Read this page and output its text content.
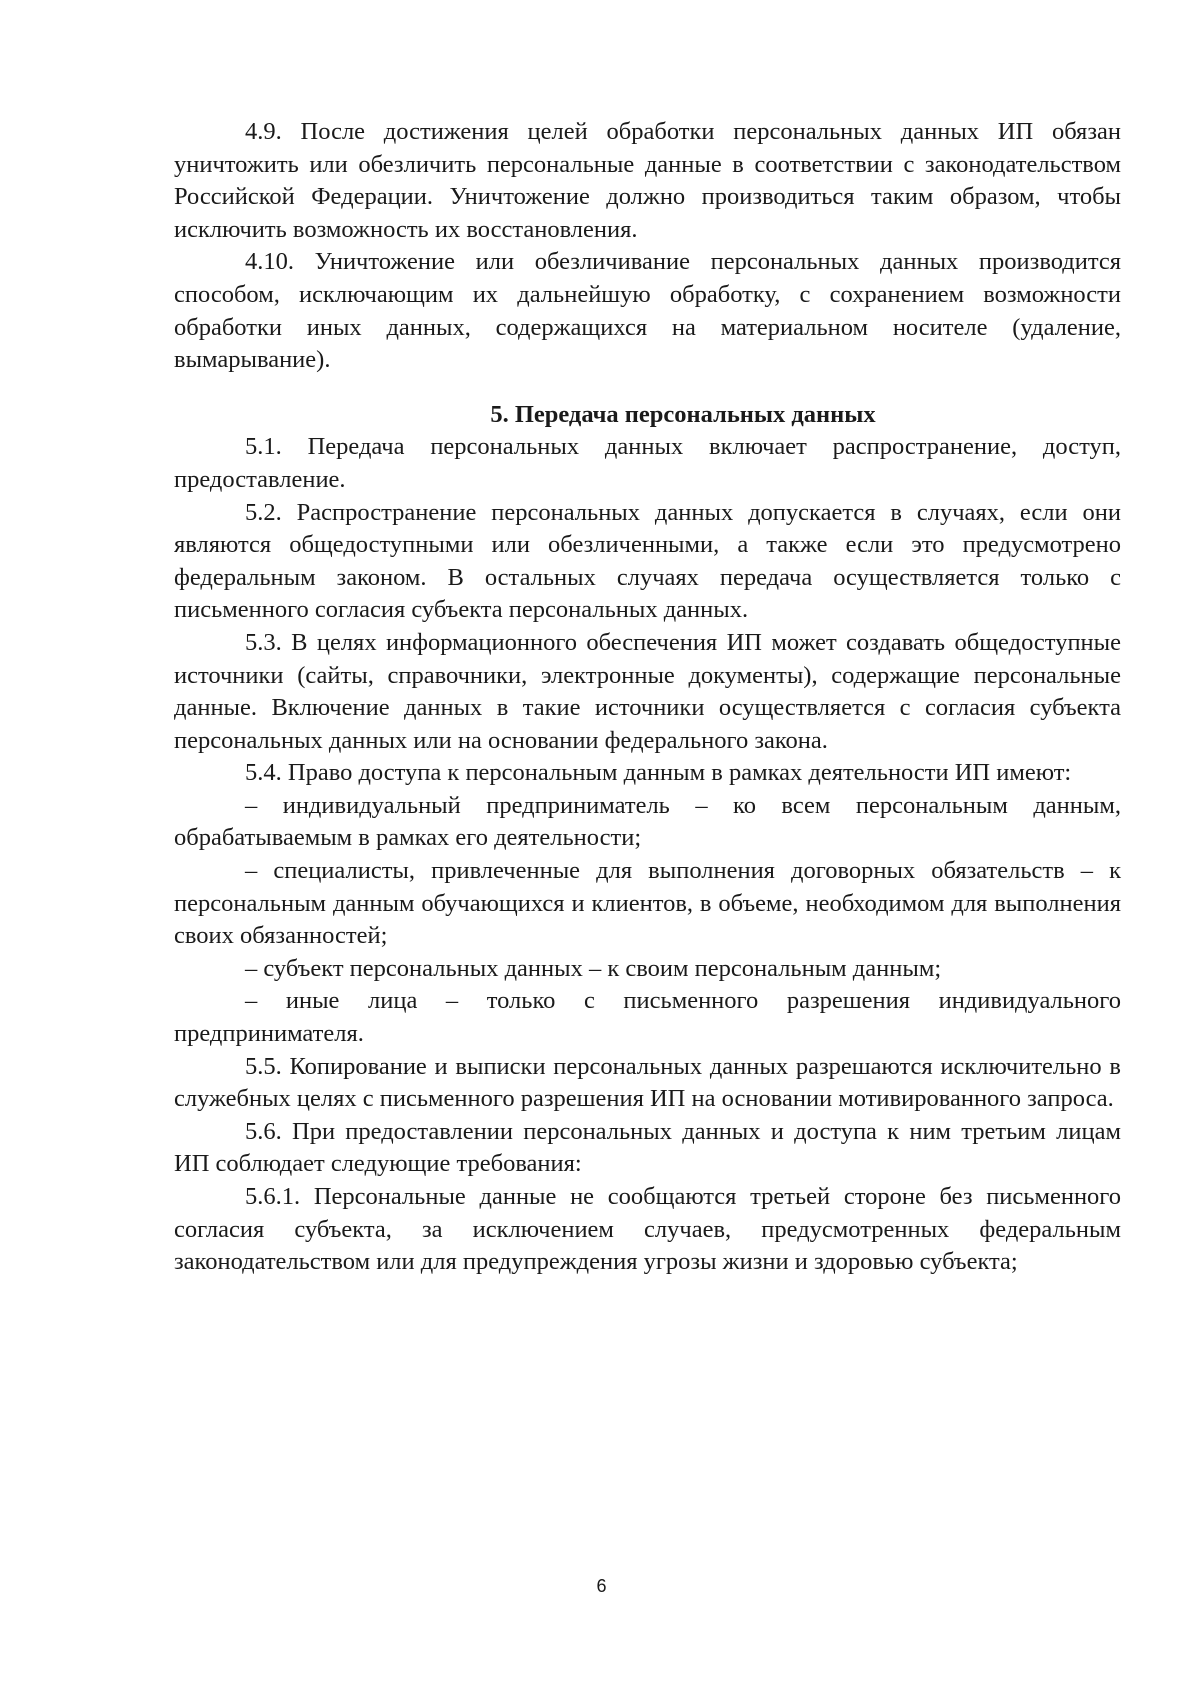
4.9. После достижения целей обработки персональных данных ИП обязан уничтожить или обезличить персональные данные в соответствии с законодательством Российской Федерации. Уничтожение должно производиться таким образом, чтобы исключить возможность их восстановления.

4.10. Уничтожение или обезличивание персональных данных производится способом, исключающим их дальнейшую обработку, с сохранением возможности обработки иных данных, содержащихся на материальном носителе (удаление, вымарывание).

5. Передача персональных данных

5.1. Передача персональных данных включает распространение, доступ, предоставление.

5.2. Распространение персональных данных допускается в случаях, если они являются общедоступными или обезличенными, а также если это предусмотрено федеральным законом. В остальных случаях передача осуществляется только с письменного согласия субъекта персональных данных.

5.3. В целях информационного обеспечения ИП может создавать общедоступные источники (сайты, справочники, электронные документы), содержащие персональные данные. Включение данных в такие источники осуществляется с согласия субъекта персональных данных или на основании федерального закона.

5.4. Право доступа к персональным данным в рамках деятельности ИП имеют:

– индивидуальный предприниматель – ко всем персональным данным, обрабатываемым в рамках его деятельности;

– специалисты, привлеченные для выполнения договорных обязательств – к персональным данным обучающихся и клиентов, в объеме, необходимом для выполнения своих обязанностей;

– субъект персональных данных – к своим персональным данным;

– иные лица – только с письменного разрешения индивидуального предпринимателя.

5.5. Копирование и выписки персональных данных разрешаются исключительно в служебных целях с письменного разрешения ИП на основании мотивированного запроса.

5.6. При предоставлении персональных данных и доступа к ним третьим лицам ИП соблюдает следующие требования:

5.6.1. Персональные данные не сообщаются третьей стороне без письменного согласия субъекта, за исключением случаев, предусмотренных федеральным законодательством или для предупреждения угрозы жизни и здоровью субъекта;

6
